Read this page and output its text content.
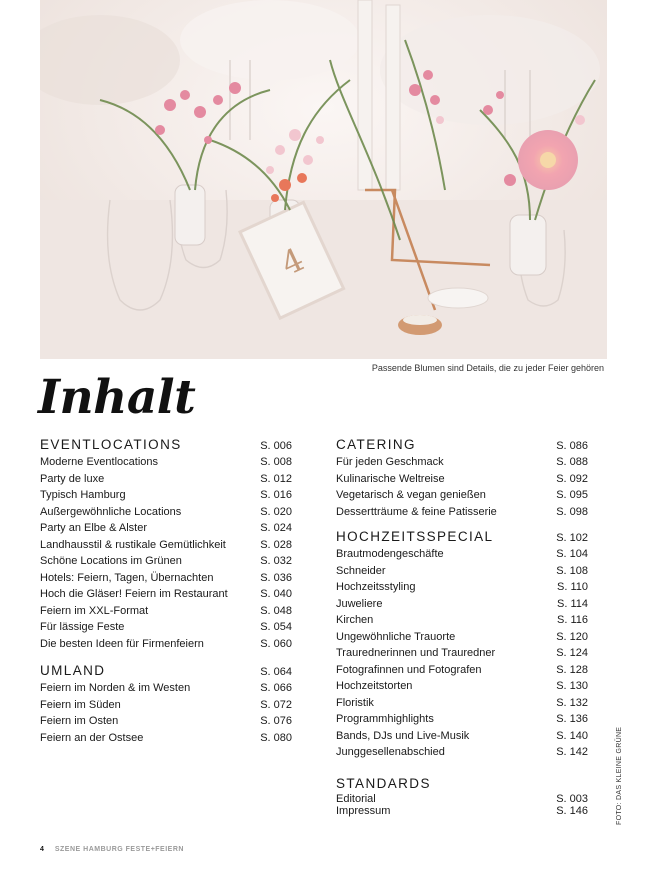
4
Passende Blumen sind Details, die zu jeder Feier gehören
Inhalt
EVENTLOCATIONS	S. 006
Moderne Eventlocations	S. 008
Party de luxe	S. 012
Typisch Hamburg	S. 016
Außergewöhnliche Locations	S. 020
Party an Elbe & Alster	S. 024
Landhausstil & rustikale Gemütlichkeit	S. 028
Schöne Locations im Grünen	S. 032
Hotels: Feiern, Tagen, Übernachten	S. 036
Hoch die Gläser! Feiern im Restaurant	S. 040
Feiern im XXL-Format	S. 048
Für lässige Feste	S. 054
Die besten Ideen für Firmenfeiern	S. 060
UMLAND	S. 064
Feiern im Norden & im Westen	S. 066
Feiern im Süden	S. 072
Feiern im Osten	S. 076
Feiern an der Ostsee	S. 080
CATERING	S. 086
Für jeden Geschmack	S. 088
Kulinarische Weltreise	S. 092
Vegetarisch & vegan genießen	S. 095
Dessertträume & feine Patisserie	S. 098
HOCHZEITSSPECIAL	S. 102
Brautmodengeschäfte	S. 104
Schneider	S. 108
Hochzeitsstyling	S. 110
Juweliere	S. 114
Kirchen	S. 116
Ungewöhnliche Trauorte	S. 120
Traurednerinnen und Trauredner	S. 124
Fotografinnen und Fotografen	S. 128
Hochzeitstorten	S. 130
Floristik	S. 132
Programmhighlights	S. 136
Bands, DJs und Live-Musik	S. 140
Junggesellenabschied	S. 142
STANDARDS
Editorial	S. 003
Impressum	S. 146	FOTO: DAS KLEINE GRÜNE
4 SZENE HAMBURG FESTE+FEIERN
